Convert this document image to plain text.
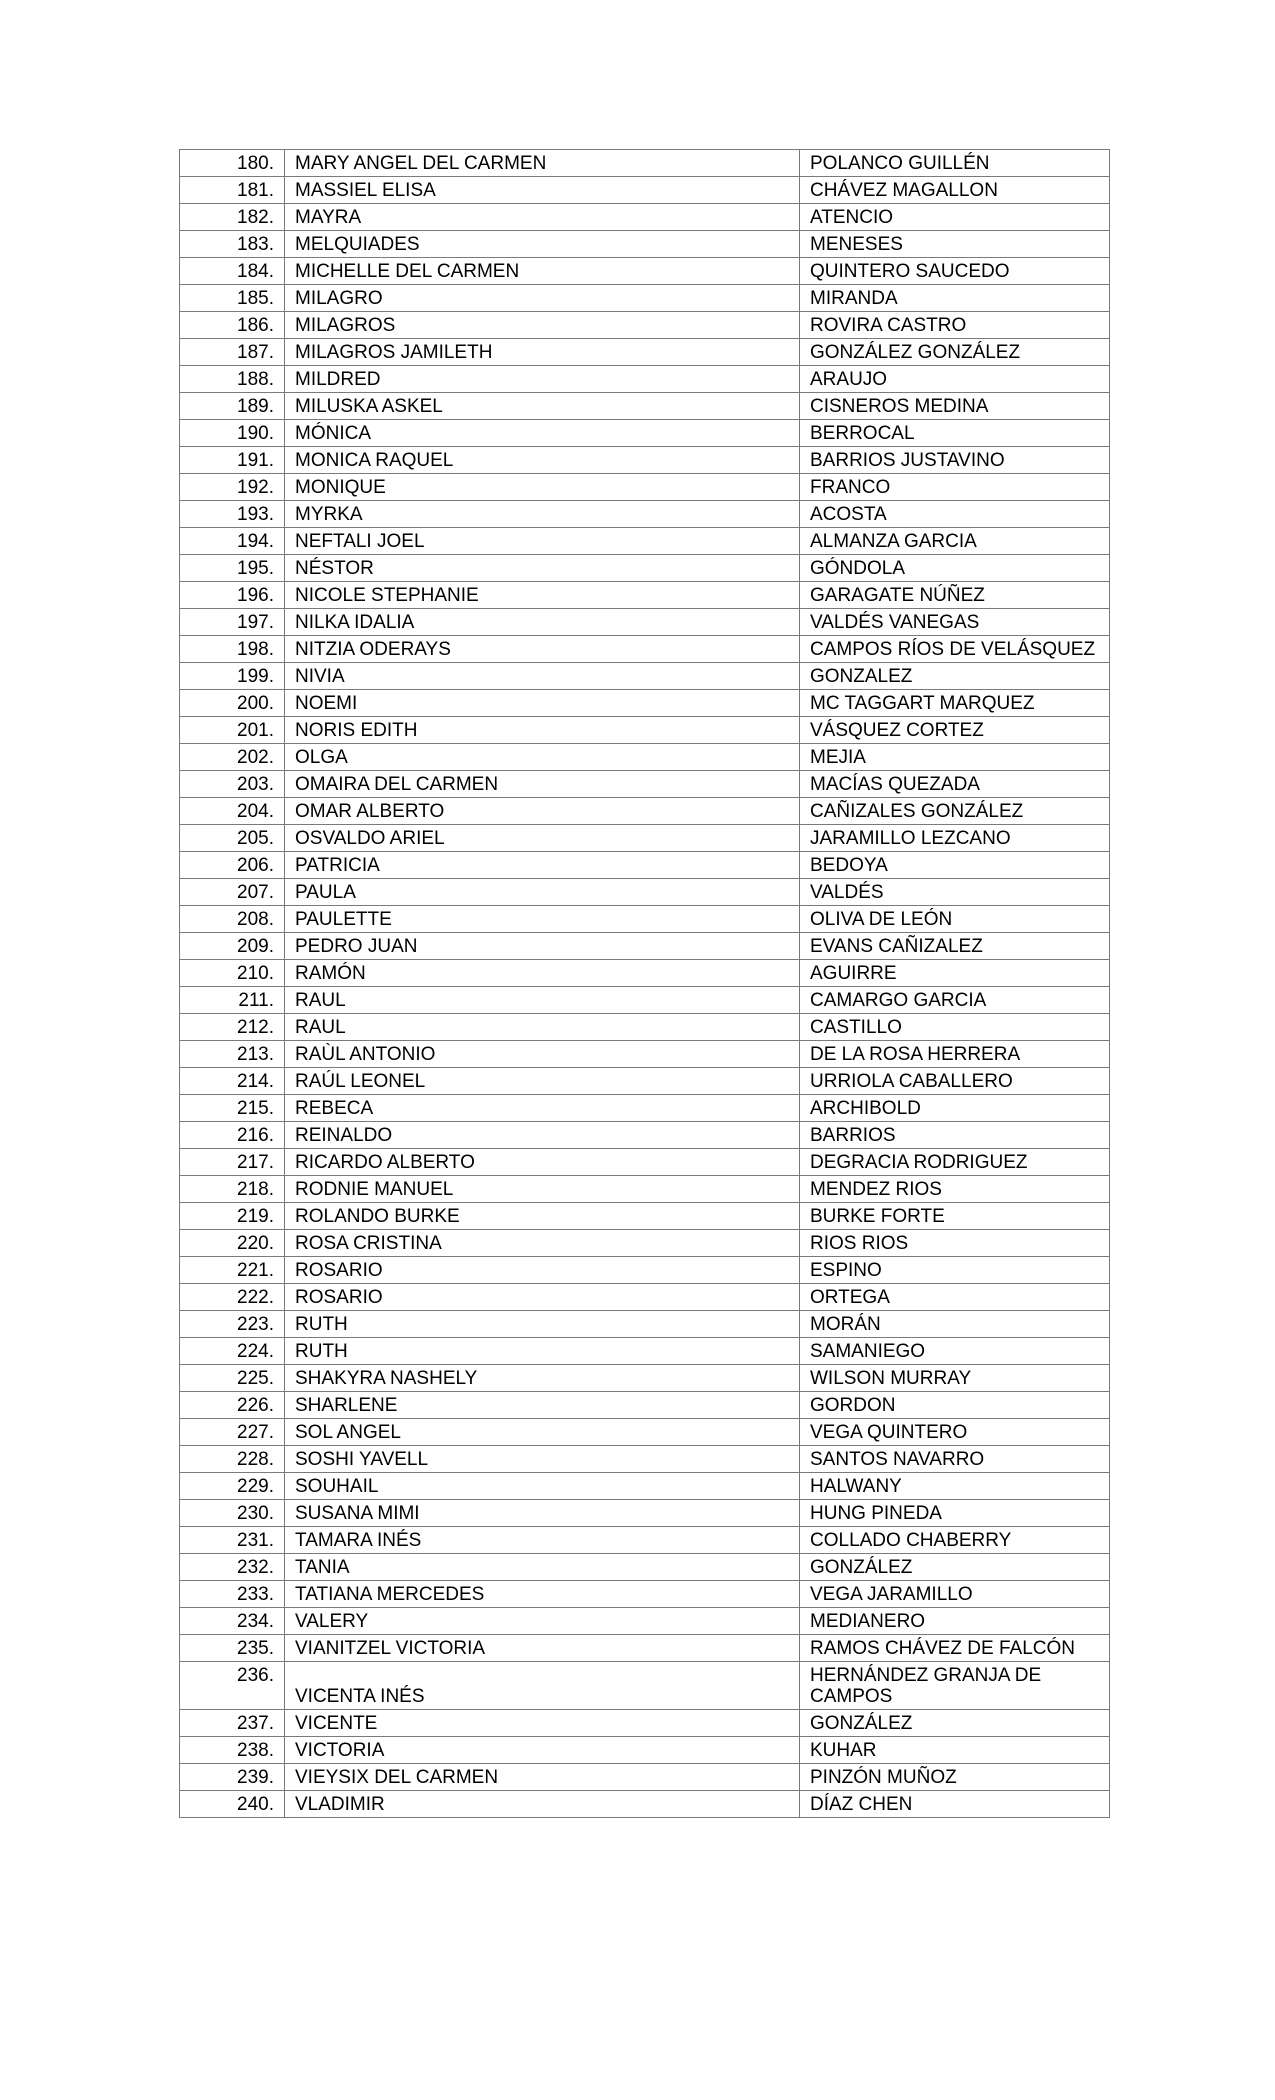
180.	MARY ANGEL DEL CARMEN	POLANCO GUILLÉN
181.	MASSIEL ELISA	CHÁVEZ MAGALLON
182.	MAYRA	ATENCIO
183.	MELQUIADES	MENESES
184.	MICHELLE DEL CARMEN	QUINTERO SAUCEDO
185.	MILAGRO	MIRANDA
186.	MILAGROS	ROVIRA CASTRO
187.	MILAGROS JAMILETH	GONZÁLEZ GONZÁLEZ
188.	MILDRED	ARAUJO
189.	MILUSKA ASKEL	CISNEROS MEDINA
190.	MÓNICA	BERROCAL
191.	MONICA RAQUEL	BARRIOS JUSTAVINO
192.	MONIQUE	FRANCO
193.	MYRKA	ACOSTA
194.	NEFTALI JOEL	ALMANZA GARCIA
195.	NÉSTOR	GÓNDOLA
196.	NICOLE STEPHANIE	GARAGATE NÚÑEZ
197.	NILKA IDALIA	VALDÉS VANEGAS
198.	NITZIA ODERAYS	CAMPOS RÍOS DE VELÁSQUEZ
199.	NIVIA	GONZALEZ
200.	NOEMI	MC TAGGART MARQUEZ
201.	NORIS EDITH	VÁSQUEZ CORTEZ
202.	OLGA	MEJIA
203.	OMAIRA DEL CARMEN	MACÍAS QUEZADA
204.	OMAR ALBERTO	CAÑIZALES GONZÁLEZ
205.	OSVALDO ARIEL	JARAMILLO LEZCANO
206.	PATRICIA	BEDOYA
207.	PAULA	VALDÉS
208.	PAULETTE	OLIVA DE LEÓN
209.	PEDRO JUAN	EVANS CAÑIZALEZ
210.	RAMÓN	AGUIRRE
211.	RAUL	CAMARGO GARCIA
212.	RAUL	CASTILLO
213.	RAÙL ANTONIO	DE LA ROSA HERRERA
214.	RAÚL LEONEL	URRIOLA CABALLERO
215.	REBECA	ARCHIBOLD
216.	REINALDO	BARRIOS
217.	RICARDO ALBERTO	DEGRACIA RODRIGUEZ
218.	RODNIE MANUEL	MENDEZ RIOS
219.	ROLANDO BURKE	BURKE FORTE
220.	ROSA CRISTINA	RIOS RIOS
221.	ROSARIO	ESPINO
222.	ROSARIO	ORTEGA
223.	RUTH	MORÁN
224.	RUTH	SAMANIEGO
225.	SHAKYRA NASHELY	WILSON MURRAY
226.	SHARLENE	GORDON
227.	SOL ANGEL	VEGA QUINTERO
228.	SOSHI YAVELL	SANTOS NAVARRO
229.	SOUHAIL	HALWANY
230.	SUSANA MIMI	HUNG PINEDA
231.	TAMARA INÉS	COLLADO CHABERRY
232.	TANIA	GONZÁLEZ
233.	TATIANA MERCEDES	VEGA JARAMILLO
234.	VALERY	MEDIANERO
235.	VIANITZEL VICTORIA	RAMOS CHÁVEZ DE FALCÓN
236.	VICENTA INÉS	HERNÁNDEZ GRANJA DE CAMPOS
237.	VICENTE	GONZÁLEZ
238.	VICTORIA	KUHAR
239.	VIEYSIX DEL CARMEN	PINZÓN MUÑOZ
240.	VLADIMIR	DÍAZ CHEN
